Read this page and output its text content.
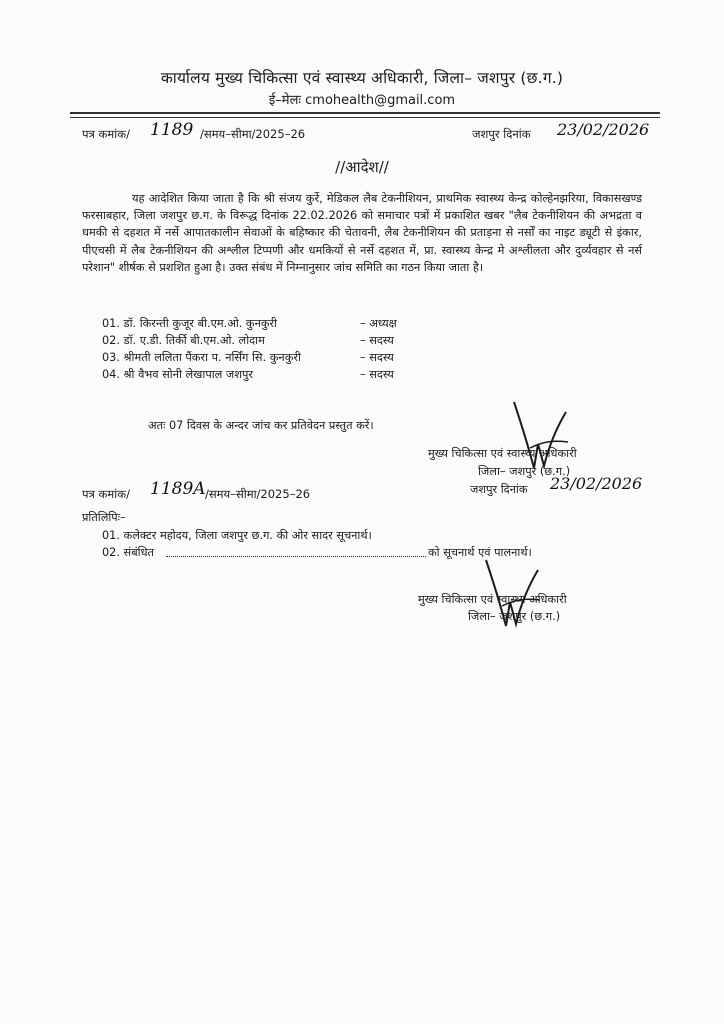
कार्यालय मुख्य चिकित्सा एवं स्वास्थ्य अधिकारी, जिला– जशपुर (छ.ग.)
ई–मेलः cmohealth@gmail.com
पत्र कमांक/ 1189 /समय–सीमा/2025–26	जशपुर दिनांक 23/02/2026
//आदेश//

यह आदेशित किया जाता है कि श्री संजय कुर्रे, मेडिकल लैब टेकनीशियन, प्राथमिक स्वास्थ्य केन्द्र कोल्हेनझरिया, विकासखण्ड फरसाबहार, जिला जशपुर छ.ग. के विरूद्ध दिनांक 22.02.2026 को समाचार पत्रों में प्रकाशित खबर "लैब टेकनीशियन की अभद्रता व धमकी से दहशत में नर्से आपातकालीन सेवाओं के बहिष्कार की चेतावनी, लैब टेकनीशियन की प्रताड़ना से नर्सों का नाइट ड्यूटी से इंकार, पीएचसी में लैब टेकनीशियन की अश्लील टिप्पणी और धमकियों से नर्से दहशत में, प्रा. स्वास्थ्य केन्द्र मे अश्लीलता और दुर्व्यवहार से नर्स परेशान" शीर्षक से प्रशशित हुआ है। उक्त संबंध में निम्नानुसार जांच समिति का गठन किया जाता है।

01. डॉ. किरन्ती कुजूर बी.एम.ओ. कुनकुरी	– अध्यक्ष
02. डॉ. ए.डी. तिर्की बी.एम.ओ. लोदाम	– सदस्य
03. श्रीमती ललिता पैंकरा प. नर्सिंग सि. कुनकुरी	– सदस्य
04. श्री वैभव सोनी लेखापाल जशपुर	– सदस्य
अतः 07 दिवस के अन्दर जांच कर प्रतिवेदन प्रस्तुत करें।
मुख्य चिकित्सा एवं स्वास्थ्य अधिकारी
जिला– जशपुर (छ.ग.)
जशपुर दिनांक 23/02/2026
पत्र कमांक/ 1189A /समय–सीमा/2025–26
प्रतिलिपिः–
01. कलेक्टर महोदय, जिला जशपुर छ.ग. की ओर सादर सूचनार्थ।
02. संबंधित	को सूचनार्थ एवं पालनार्थ।
मुख्य चिकित्सा एवं स्वास्थ्य अधिकारी
जिला– जशपुर (छ.ग.)
